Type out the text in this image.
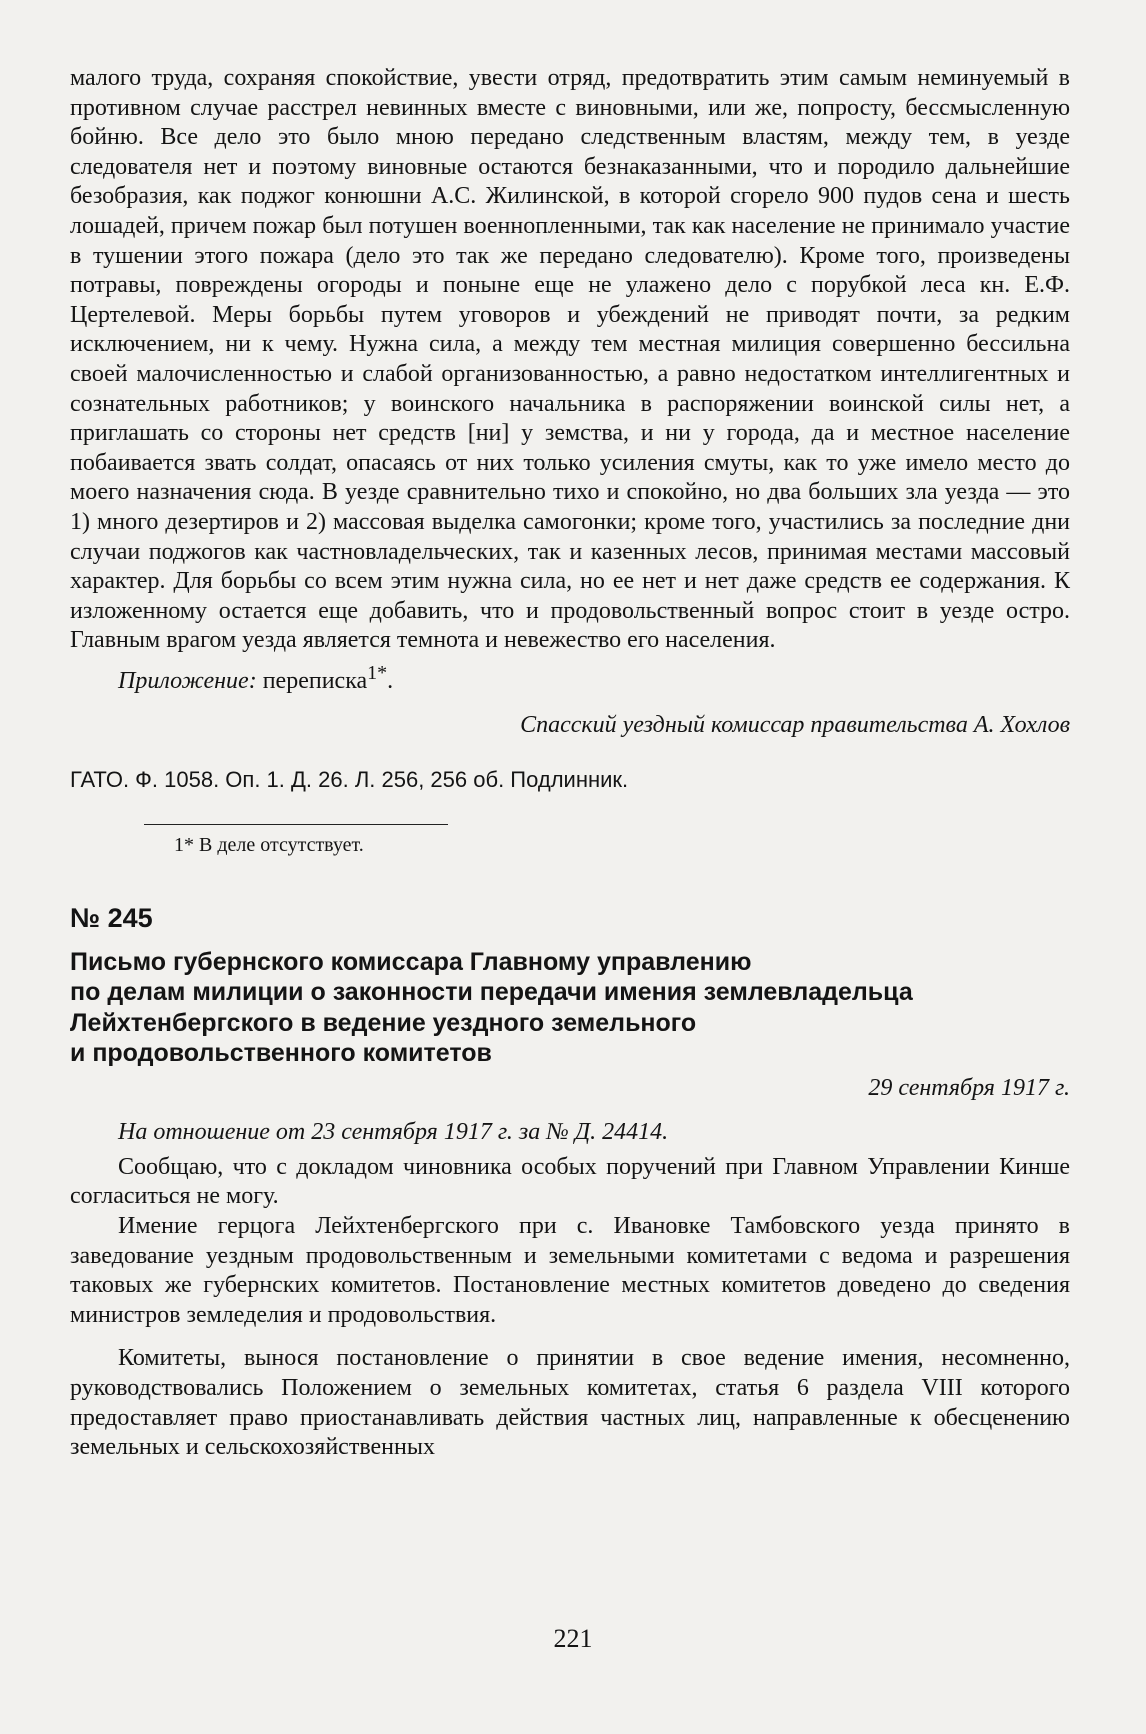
малого труда, сохраняя спокойствие, увести отряд, предотвратить этим самым неминуемый в противном случае расстрел невинных вместе с виновными, или же, попросту, бессмысленную бойню. Все дело это было мною передано следственным властям, между тем, в уезде следователя нет и поэтому виновные остаются безнаказанными, что и породило дальнейшие безобразия, как поджог конюшни А.С. Жилинской, в которой сгорело 900 пудов сена и шесть лошадей, причем пожар был потушен военнопленными, так как население не принимало участие в тушении этого пожара (дело это так же передано следователю). Кроме того, произведены потравы, повреждены огороды и поныне еще не улажено дело с порубкой леса кн. Е.Ф. Цертелевой. Меры борьбы путем уговоров и убеждений не приводят почти, за редким исключением, ни к чему. Нужна сила, а между тем местная милиция совершенно бессильна своей малочисленностью и слабой организованностью, а равно недостатком интеллигентных и сознательных работников; у воинского начальника в распоряжении воинской силы нет, а приглашать со стороны нет средств [ни] у земства, и ни у города, да и местное население побаивается звать солдат, опасаясь от них только усиления смуты, как то уже имело место до моего назначения сюда. В уезде сравнительно тихо и спокойно, но два больших зла уезда — это 1) много дезертиров и 2) массовая выделка самогонки; кроме того, участились за последние дни случаи поджогов как частновладельческих, так и казенных лесов, принимая местами массовый характер. Для борьбы со всем этим нужна сила, но ее нет и нет даже средств ее содержания. К изложенному остается еще добавить, что и продовольственный вопрос стоит в уезде остро. Главным врагом уезда является темнота и невежество его населения.

Приложение: переписка$^{1*}$.

Спасский уездный комиссар правительства А. Хохлов

ГАТО. Ф. 1058. Оп. 1. Д. 26. Л. 256, 256 об. Подлинник.

1* В деле отсутствует.

№ 245
Письмо губернского комиссара Главному управлению
по делам милиции о законности передачи имения землевладельца
Лейхтенбергского в ведение уездного земельного
и продовольственного комитетов

29 сентября 1917 г.

На отношение от 23 сентября 1917 г. за № Д. 24414.

Сообщаю, что с докладом чиновника особых поручений при Главном Управлении Кинше согласиться не могу.

Имение герцога Лейхтенбергского при с. Ивановке Тамбовского уезда принято в заведование уездным продовольственным и земельными комитетами с ведома и разрешения таковых же губернских комитетов. Постановление местных комитетов доведено до сведения министров земледелия и продовольствия.

Комитеты, вынося постановление о принятии в свое ведение имения, несомненно, руководствовались Положением о земельных комитетах, статья 6 раздела VIII которого предоставляет право приостанавливать действия частных лиц, направленные к обесценению земельных и сельскохозяйственных

221
